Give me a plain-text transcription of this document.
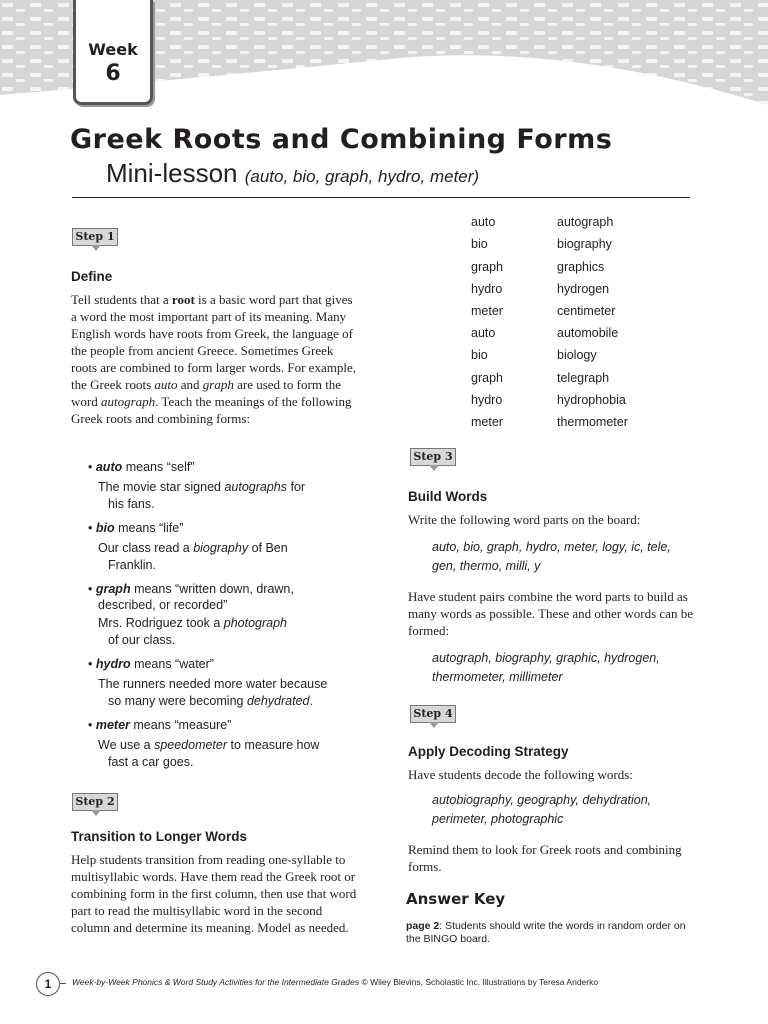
Week
6
Greek Roots and Combining Forms
Mini-lesson (auto, bio, graph, hydro, meter)
Step 1
Define
Tell students that a root is a basic word part that gives a word the most important part of its meaning. Many English words have roots from Greek, the language of the people from ancient Greece. Sometimes Greek roots are combined to form larger words. For example, the Greek roots auto and graph are used to form the word autograph. Teach the meanings of the following Greek roots and combining forms:
• auto means “self”
The movie star signed autographs for
his fans.
• bio means “life”
Our class read a biography of Ben
Franklin.
• graph means “written down, drawn,
described, or recorded”
Mrs. Rodriguez took a photograph
of our class.
• hydro means “water”
The runners needed more water because
so many were becoming dehydrated.
• meter means “measure”
We use a speedometer to measure how
fast a car goes.
Step 2
Transition to Longer Words
Help students transition from reading one-syllable to multisyllabic words. Have them read the Greek root or combining form in the first column, then use that word part to read the multisyllabic word in the second column and determine its meaning. Model as needed.
auto	autograph
bio	biography
graph	graphics
hydro	hydrogen
meter	centimeter
auto	automobile
bio	biology
graph	telegraph
hydro	hydrophobia
meter	thermometer
Step 3
Build Words
Write the following word parts on the board:
auto, bio, graph, hydro, meter, logy, ic, tele, gen, thermo, milli, y
Have student pairs combine the word parts to build as many words as possible. These and other words can be formed:
autograph, biography, graphic, hydrogen, thermometer, millimeter
Step 4
Apply Decoding Strategy
Have students decode the following words:
autobiography, geography, dehydration, perimeter, photographic
Remind them to look for Greek roots and combining forms.
Answer Key
page 2: Students should write the words in random order on the BINGO board.
1	Week-by-Week Phonics & Word Study Activities for the Intermediate Grades © Wiley Blevins, Scholastic Inc. Illustrations by Teresa Anderko
